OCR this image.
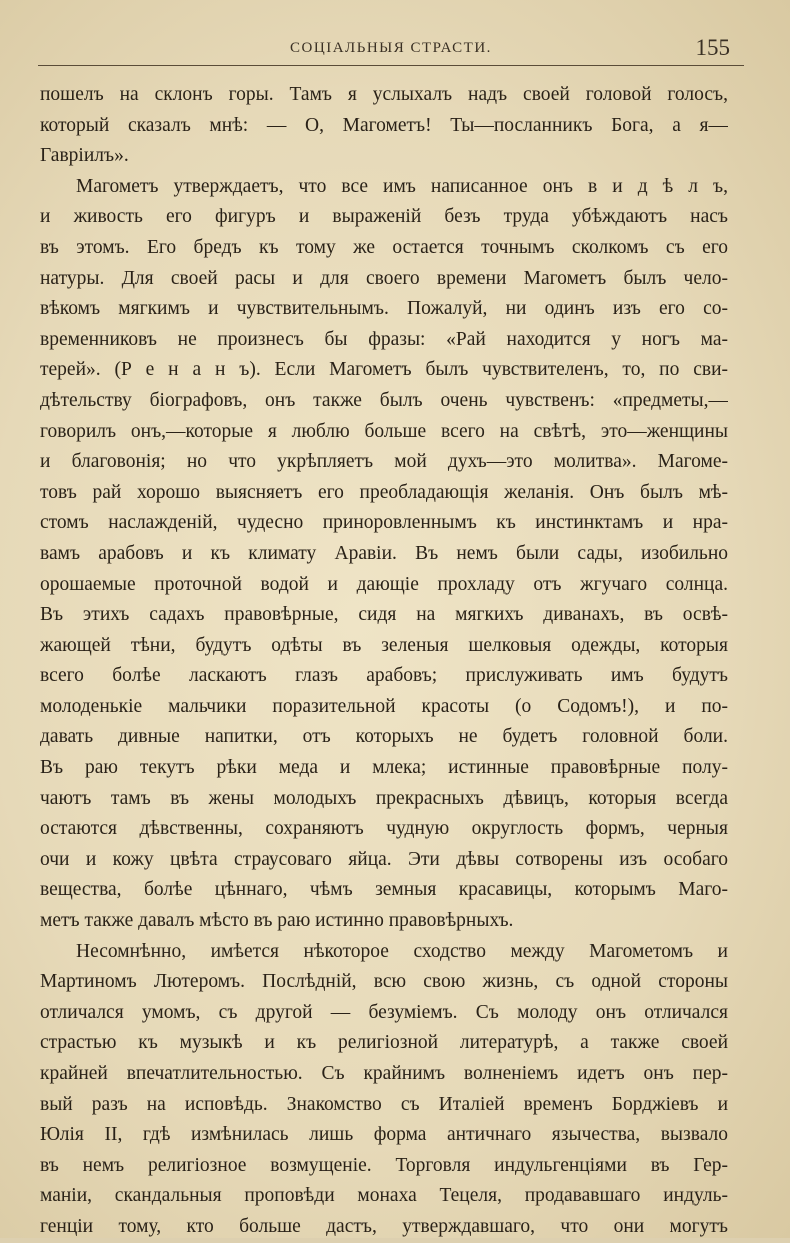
СОЦІАЛЬНЫЯ СТРАСТИ.	155
пошелъ на склонъ горы. Тамъ я услыхалъ надъ своей головой голосъ,
который сказалъ мнѣ: — О, Магометъ! Ты—посланникъ Бога, а я—
Гавріилъ».
Магометъ утверждаетъ, что все имъ написанное онъ в и д ѣ л ъ,
и живость его фигуръ и выраженій безъ труда убѣждаютъ насъ
въ этомъ. Его бредъ къ тому же остается точнымъ сколкомъ съ его
натуры. Для своей расы и для своего времени Магометъ былъ чело-
вѣкомъ мягкимъ и чувствительнымъ. Пожалуй, ни одинъ изъ его со-
временниковъ не произнесъ бы фразы: «Рай находится у ногъ ма-
терей». (Р е н а н ъ). Если Магометъ былъ чувствителенъ, то, по сви-
дѣтельству біографовъ, онъ также былъ очень чувственъ: «предметы,—
говорилъ онъ,—которые я люблю больше всего на свѣтѣ, это—женщины
и благовонія; но что укрѣпляетъ мой духъ—это молитва». Магоме-
товъ рай хорошо выясняетъ его преобладающія желанія. Онъ былъ мѣ-
стомъ наслажденій, чудесно приноровленнымъ къ инстинктамъ и нра-
вамъ арабовъ и къ климату Аравіи. Въ немъ были сады, изобильно
орошаемые проточной водой и дающіе прохладу отъ жгучаго солнца.
Въ этихъ садахъ правовѣрные, сидя на мягкихъ диванахъ, въ освѣ-
жающей тѣни, будутъ одѣты въ зеленыя шелковыя одежды, которыя
всего болѣе ласкаютъ глазъ арабовъ; прислуживать имъ будутъ
молоденькіе мальчики поразительной красоты (о Содомъ!), и по-
давать дивные напитки, отъ которыхъ не будетъ головной боли.
Въ раю текутъ рѣки меда и млека; истинные правовѣрные полу-
чаютъ тамъ въ жены молодыхъ прекрасныхъ дѣвицъ, которыя всегда
остаются дѣвственны, сохраняютъ чудную округлость формъ, черныя
очи и кожу цвѣта страусоваго яйца. Эти дѣвы сотворены изъ особаго
вещества, болѣе цѣннаго, чѣмъ земныя красавицы, которымъ Маго-
метъ также давалъ мѣсто въ раю истинно правовѣрныхъ.
Несомнѣнно, имѣется нѣкоторое сходство между Магометомъ и
Мартиномъ Лютеромъ. Послѣдній, всю свою жизнь, съ одной стороны
отличался умомъ, съ другой — безуміемъ. Съ молоду онъ отличался
страстью къ музыкѣ и къ религіозной литературѣ, а также своей
крайней впечатлительностью. Съ крайнимъ волненіемъ идетъ онъ пер-
вый разъ на исповѣдь. Знакомство съ Италіей временъ Борджіевъ и
Юлія II, гдѣ измѣнилась лишь форма античнаго язычества, вызвало
въ немъ религіозное возмущеніе. Торговля индульгенціями въ Гер-
маніи, скандальныя проповѣди монаха Тецеля, продававшаго индуль-
генціи тому, кто больше дастъ, утверждавшаго, что они могутъ
